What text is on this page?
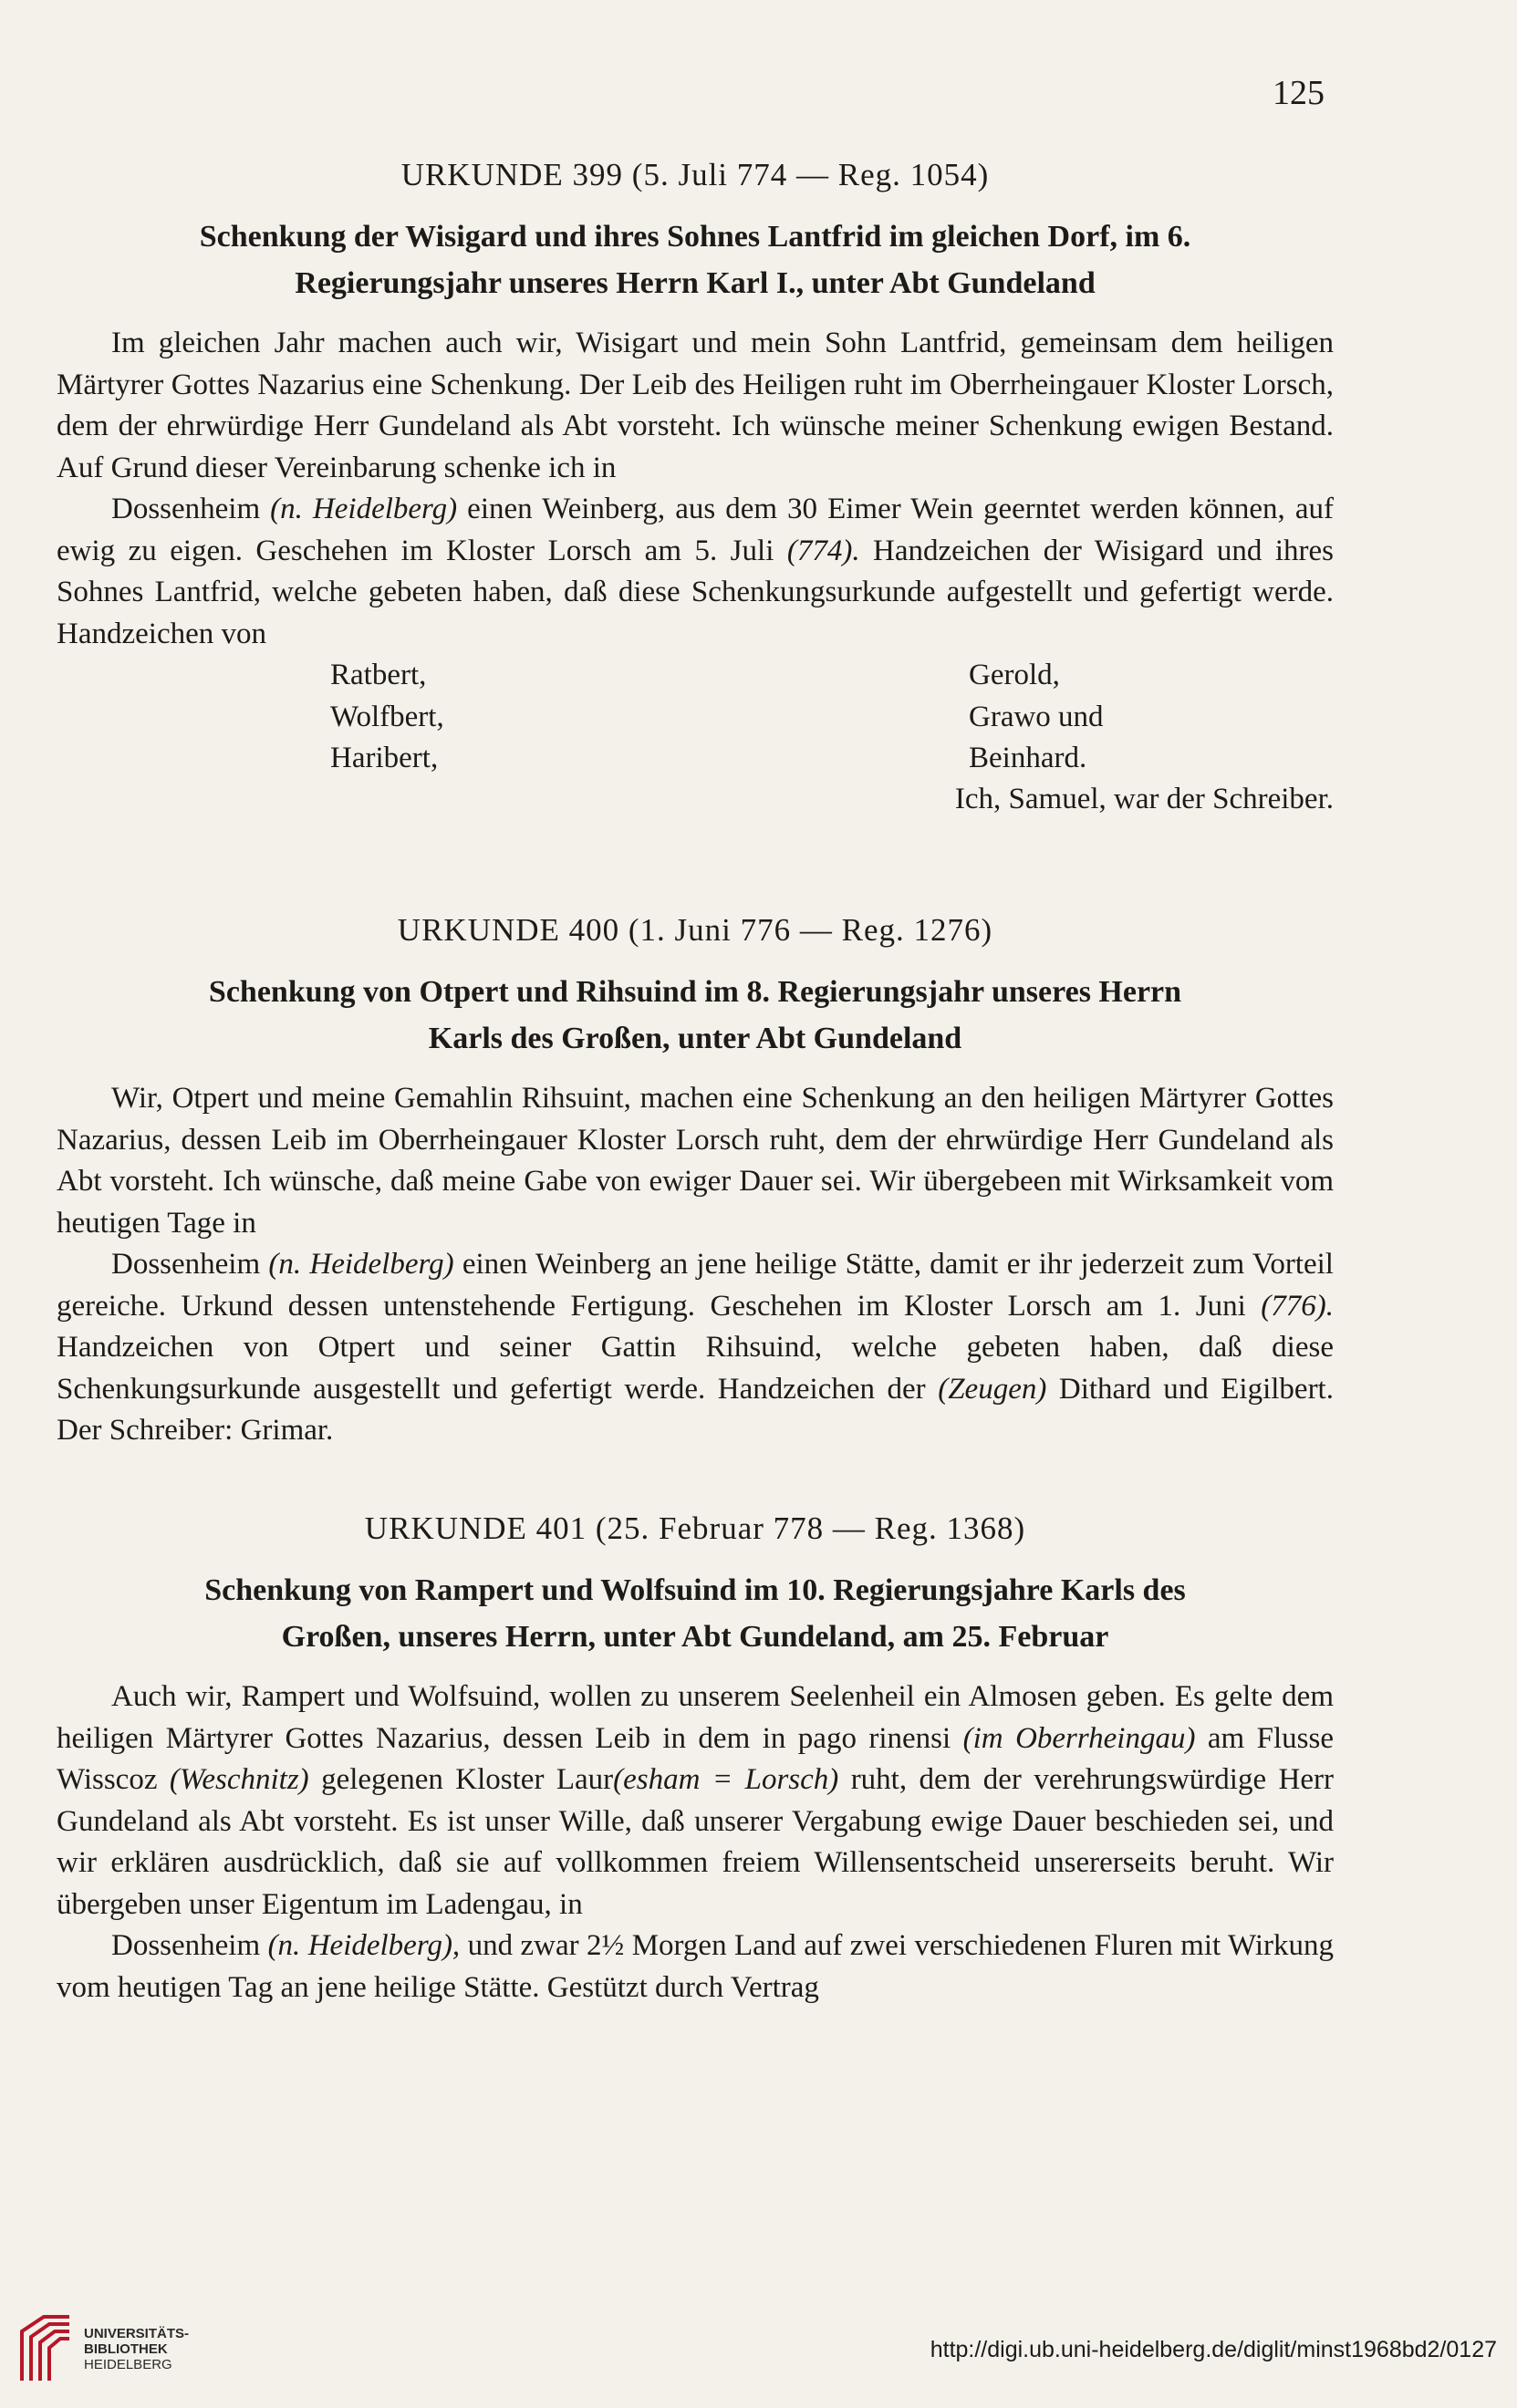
125
URKUNDE 399 (5. Juli 774 — Reg. 1054)
Schenkung der Wisigard und ihres Sohnes Lantfrid im gleichen Dorf, im 6.
Regierungsjahr unseres Herrn Karl I., unter Abt Gundeland

Im gleichen Jahr machen auch wir, Wisigart und mein Sohn Lantfrid, gemeinsam dem heiligen Märtyrer Gottes Nazarius eine Schenkung. Der Leib des Heiligen ruht im Oberrheingauer Kloster Lorsch, dem der ehrwürdige Herr Gundeland als Abt vorsteht. Ich wünsche meiner Schenkung ewigen Bestand. Auf Grund dieser Vereinbarung schenke ich in

Dossenheim (n. Heidelberg) einen Weinberg, aus dem 30 Eimer Wein geerntet werden können, auf ewig zu eigen. Geschehen im Kloster Lorsch am 5. Juli (774). Handzeichen der Wisigard und ihres Sohnes Lantfrid, welche gebeten haben, daß diese Schenkungsurkunde aufgestellt und gefertigt werde. Handzeichen von

Ratbert,
Wolfbert,
Haribert,
Gerold,
Grawo und
Beinhard.
Ich, Samuel, war der Schreiber.
URKUNDE 400 (1. Juni 776 — Reg. 1276)
Schenkung von Otpert und Rihsuind im 8. Regierungsjahr unseres Herrn
Karls des Großen, unter Abt Gundeland

Wir, Otpert und meine Gemahlin Rihsuint, machen eine Schenkung an den heiligen Märtyrer Gottes Nazarius, dessen Leib im Oberrheingauer Kloster Lorsch ruht, dem der ehrwürdige Herr Gundeland als Abt vorsteht. Ich wünsche, daß meine Gabe von ewiger Dauer sei. Wir übergebeen mit Wirksamkeit vom heutigen Tage in

Dossenheim (n. Heidelberg) einen Weinberg an jene heilige Stätte, damit er ihr jederzeit zum Vorteil gereiche. Urkund dessen untenstehende Fertigung. Geschehen im Kloster Lorsch am 1. Juni (776). Handzeichen von Otpert und seiner Gattin Rihsuind, welche gebeten haben, daß diese Schenkungsurkunde ausgestellt und gefertigt werde. Handzeichen der (Zeugen) Dithard und Eigilbert. Der Schreiber: Grimar.

URKUNDE 401 (25. Februar 778 — Reg. 1368)
Schenkung von Rampert und Wolfsuind im 10. Regierungsjahre Karls des
Großen, unseres Herrn, unter Abt Gundeland, am 25. Februar

Auch wir, Rampert und Wolfsuind, wollen zu unserem Seelenheil ein Almosen geben. Es gelte dem heiligen Märtyrer Gottes Nazarius, dessen Leib in dem in pago rinensi (im Oberrheingau) am Flusse Wisscoz (Weschnitz) gelegenen Kloster Laur(esham = Lorsch) ruht, dem der verehrungswürdige Herr Gundeland als Abt vorsteht. Es ist unser Wille, daß unserer Vergabung ewige Dauer beschieden sei, und wir erklären ausdrücklich, daß sie auf vollkommen freiem Willensentscheid unsererseits beruht. Wir übergeben unser Eigentum im Ladengau, in

Dossenheim (n. Heidelberg), und zwar 2½ Morgen Land auf zwei verschiedenen Fluren mit Wirkung vom heutigen Tag an jene heilige Stätte. Gestützt durch Vertrag

UNIVERSITÄTS-
BIBLIOTHEK
HEIDELBERG
http://digi.ub.uni-heidelberg.de/diglit/minst1968bd2/0127
